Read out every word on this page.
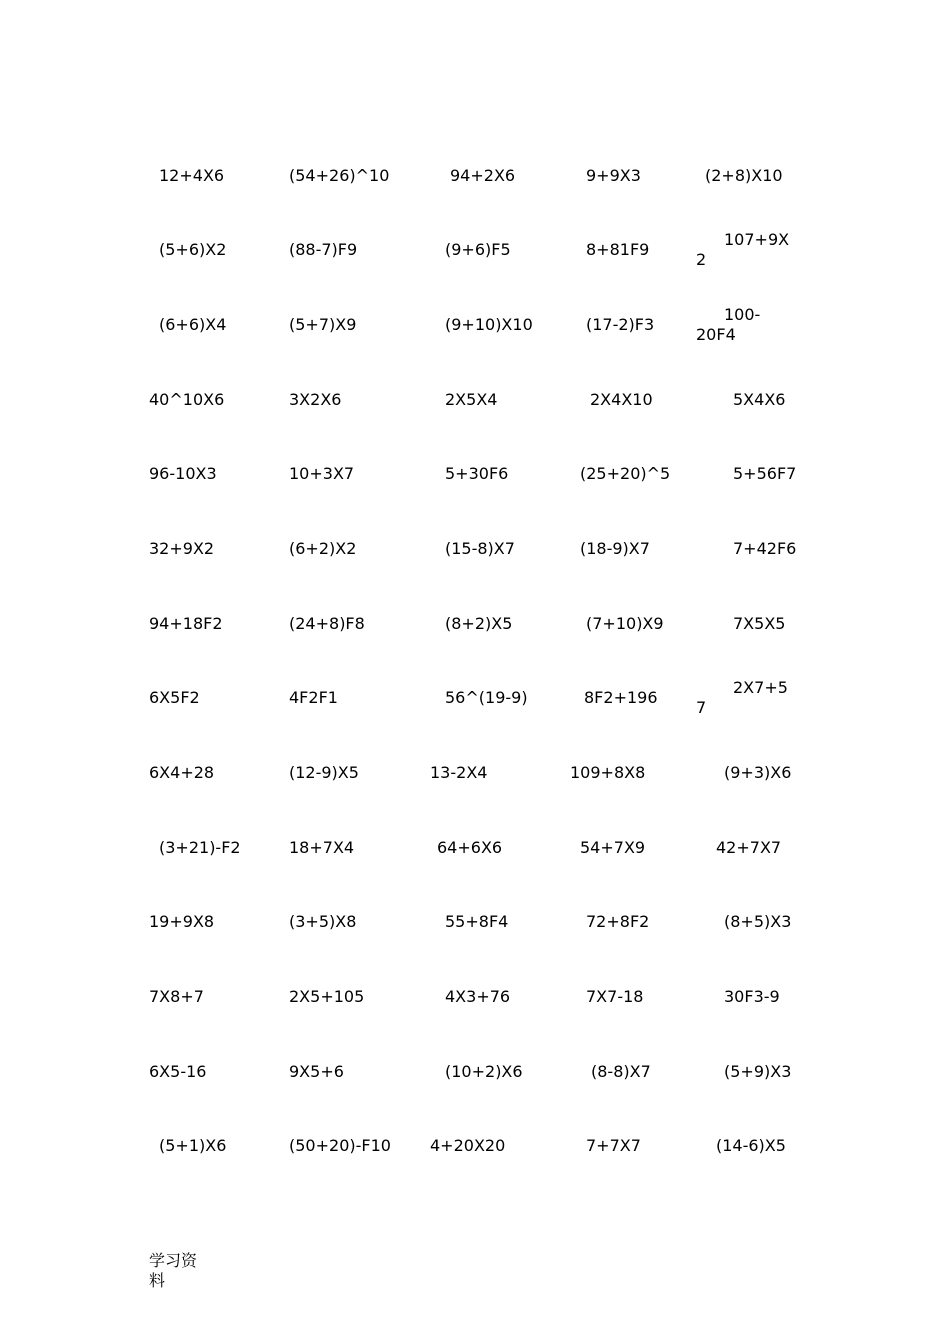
12+4X6	(54+26)^10	94+2X6	9+9X3	(2+8)X10
(5+6)X2	(88-7)F9	(9+6)F5	8+81F9
107+9X
2
(6+6)X4	(5+7)X9	(9+10)X10	(17-2)F3
100-
20F4
40^10X6	3X2X6	2X5X4	2X4X10	5X4X6
96-10X3	10+3X7	5+30F6	(25+20)^5	5+56F7
32+9X2	(6+2)X2	(15-8)X7	(18-9)X7	7+42F6
94+18F2	(24+8)F8	(8+2)X5	(7+10)X9	7X5X5
6X5F2	4F2F1	56^(19-9)	8F2+196
2X7+5
7
6X4+28	(12-9)X5	13-2X4	109+8X8	(9+3)X6
(3+21)-F2	18+7X4	64+6X6	54+7X9	42+7X7
19+9X8	(3+5)X8	55+8F4	72+8F2	(8+5)X3
7X8+7	2X5+105	4X3+76	7X7-18	30F3-9
6X5-16	9X5+6	(10+2)X6	(8-8)X7	(5+9)X3
(5+1)X6	(50+20)-F10 4+20X20	7+7X7	(14-6)X5
学习资
料
